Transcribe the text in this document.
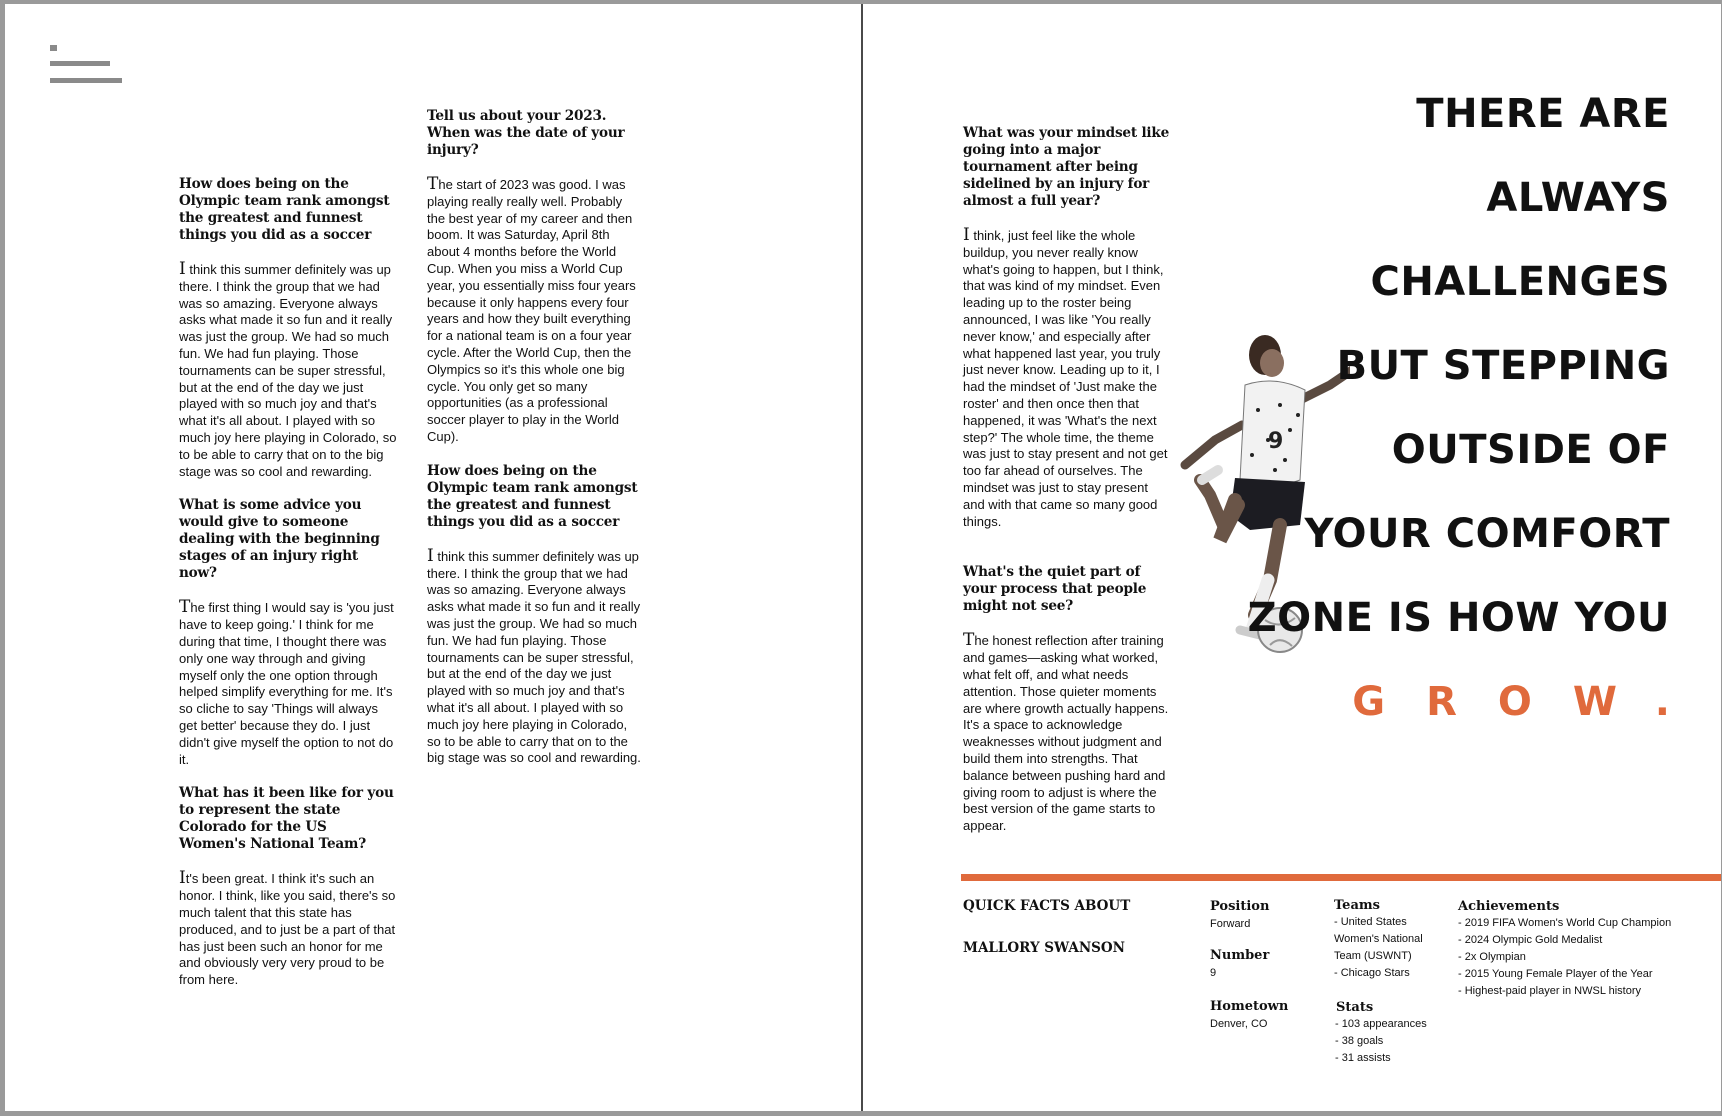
How does being on the Olympic team rank amongst the greatest and funnest things you did as a soccer

I think this summer definitely was up there. I think the group that we had was so amazing. Everyone always asks what made it so fun and it really was just the group. We had so much fun. We had fun playing. Those tournaments can be super stressful, but at the end of the day we just played with so much joy and that's what it's all about. I played with so much joy here playing in Colorado, so to be able to carry that on to the big stage was so cool and rewarding.

What is some advice you would give to someone dealing with the beginning stages of an injury right now?

The first thing I would say is 'you just have to keep going.' I think for me during that time, I thought there was only one way through and giving myself only the one option through helped simplify everything for me. It's so cliche to say 'Things will always get better' because they do. I just didn't give myself the option to not do it.

What has it been like for you to represent the state Colorado for the US Women's National Team?

It's been great. I think it's such an honor. I think, like you said, there's so much talent that this state has produced, and to just be a part of that has just been such an honor for me and obviously very very proud to be from here.

Tell us about your 2023. When was the date of your injury?

The start of 2023 was good. I was playing really really well. Probably the best year of my career and then boom. It was Saturday, April 8th about 4 months before the World Cup. When you miss a World Cup year, you essentially miss four years because it only happens every four years and how they built everything for a national team is on a four year cycle. After the World Cup, then the Olympics so it's this whole one big cycle. You only get so many opportunities (as a professional soccer player to play in the World Cup).

How does being on the Olympic team rank amongst the greatest and funnest things you did as a soccer

I think this summer definitely was up there. I think the group that we had was so amazing. Everyone always asks what made it so fun and it really was just the group. We had so much fun. We had fun playing. Those tournaments can be super stressful, but at the end of the day we just played with so much joy and that's what it's all about. I played with so much joy here playing in Colorado, so to be able to carry that on to the big stage was so cool and rewarding.

What was your mindset like going into a major tournament after being sidelined by an injury for almost a full year?

I think, just feel like the whole buildup, you never really know what's going to happen, but I think, that was kind of my mindset. Even leading up to the roster being announced, I was like 'You really never know,' and especially after what happened last year, you truly just never know. Leading up to it, I had the mindset of 'Just make the roster' and then once then that happened, it was 'What's the next step?' The whole time, the theme was just to stay present and not get too far ahead of ourselves. The mindset was just to stay present and with that came so many good things.

What's the quiet part of your process that people might not see?

The honest reflection after training and games—asking what worked, what felt off, and what needs attention. Those quieter moments are where growth actually happens. It's a space to acknowledge weaknesses without judgment and build them into strengths. That balance between pushing hard and giving room to adjust is where the best version of the game starts to appear.

9
THERE ARE
ALWAYS
CHALLENGES
BUT STEPPING
OUTSIDE OF
YOUR COMFORT
ZONE IS HOW YOU
GROW.
QUICK FACTS ABOUT
MALLORY SWANSON
Position
Forward
Number
9
Hometown
Denver, CO
Teams
- United States
Women's National
Team (USWNT)
- Chicago Stars
Stats
- 103 appearances
- 38 goals
- 31 assists
Achievements
- 2019 FIFA Women's World Cup Champion
- 2024 Olympic Gold Medalist
- 2x Olympian
- 2015 Young Female Player of the Year
- Highest-paid player in NWSL history
